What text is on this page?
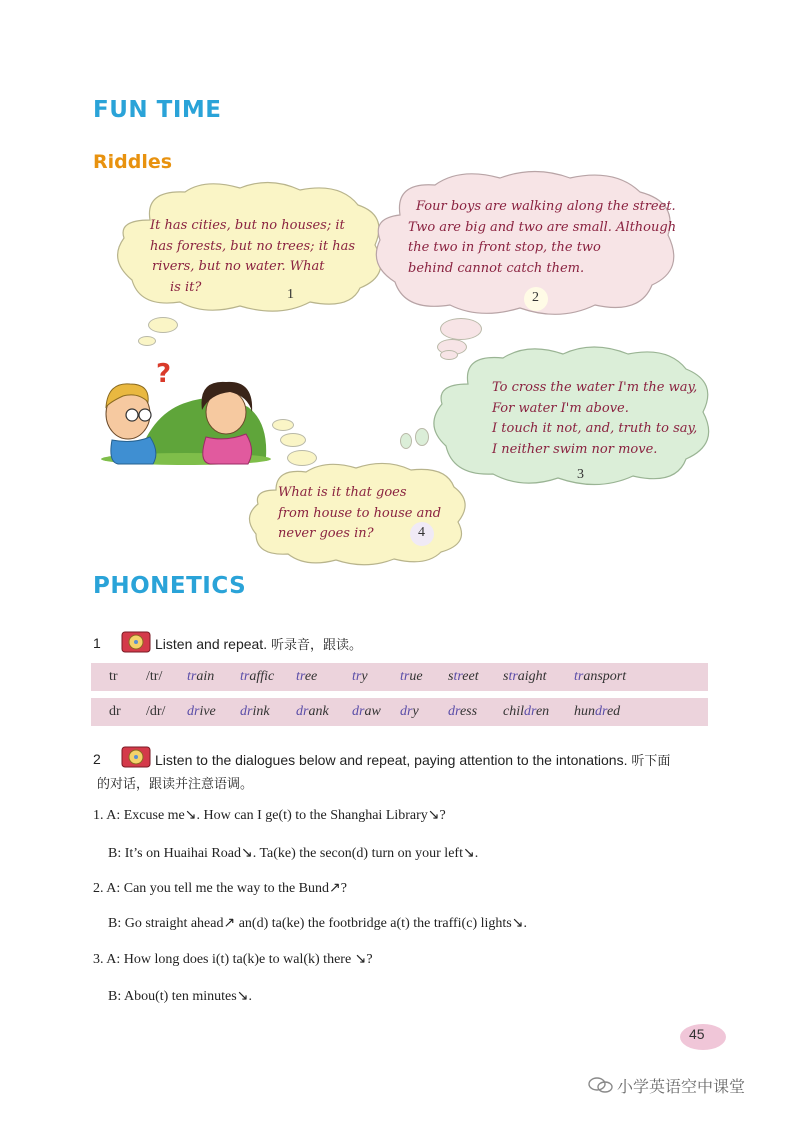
FUN TIME
Riddles
It has cities, but no houses; it
has forests, but no trees; it has
rivers, but no water. What
is it?	1
Four boys are walking along the street.
Two are big and two are small. Although
the two in front stop, the two
behind cannot catch them.
2
?	To cross the water I'm the way,
For water I'm above.
I touch it not, and, truth to say,
I neither swim nor move.
3
What is it that goes
from house to house and
never goes in?	4
PHONETICS
1	Listen and repeat. 听录音，跟读。
tr /tr/ train traffic tree try true street straight transport
dr /dr/ drive drink drank draw dry dress children hundred
2	Listen to the dialogues below and repeat, paying attention to the intonations. 听下面
的对话，跟读并注意语调。
1. A: Excuse me↘. How can I ge(t) to the Shanghai Library↘?
B: It’s on Huaihai Road↘. Ta(ke) the secon(d) turn on your left↘.
2. A: Can you tell me the way to the Bund↗?
B: Go straight ahead↗ an(d) ta(ke) the footbridge a(t) the traffi(c) lights↘.
3. A: How long does i(t) ta(k)e to wal(k) there ↘?
B: Abou(t) ten minutes↘.
45
小学英语空中课堂
